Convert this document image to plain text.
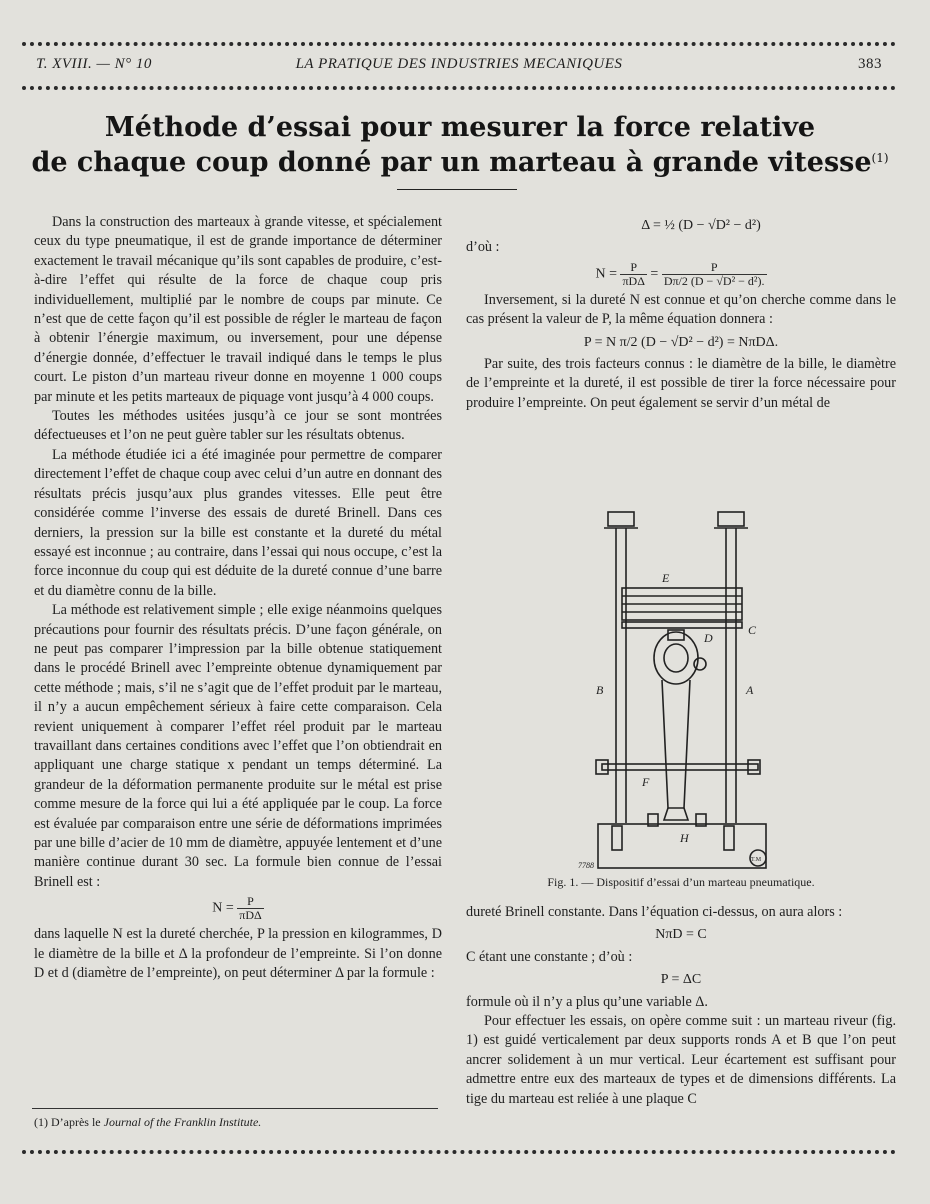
T. XVIII. — N° 10	LA PRATIQUE DES INDUSTRIES MECANIQUES	383
Méthode d’essai pour mesurer la force relative
de chaque coup donné par un marteau à grande vitesse$^{(1)}$

Dans la construction des marteaux à grande vitesse, et spécialement ceux du type pneumatique, il est de grande importance de déterminer exactement le travail mécanique qu’ils sont capables de produire, c’est-à-dire l’effet qui résulte de la force de chaque coup pris individuellement, multiplié par le nombre de coups par minute. Ce n’est que de cette façon qu’il est possible de régler le marteau de façon à obtenir l’énergie maximum, ou inversement, pour une dépense d’énergie donnée, d’effectuer le travail indiqué dans le temps le plus court. Le piston d’un marteau riveur donne en moyenne 1 000 coups par minute et les petits marteaux de piquage vont jusqu’à 4 000 coups.

Toutes les méthodes usitées jusqu’à ce jour se sont montrées défectueuses et l’on ne peut guère tabler sur les résultats obtenus.

La méthode étudiée ici a été imaginée pour permettre de comparer directement l’effet de chaque coup avec celui d’un autre en donnant des résultats précis jusqu’aux plus grandes vitesses. Elle peut être considérée comme l’inverse des essais de dureté Brinell. Dans ces derniers, la pression sur la bille est constante et la dureté du métal essayé est inconnue ; au contraire, dans l’essai qui nous occupe, c’est la force inconnue du coup qui est déduite de la dureté connue d’une barre et du diamètre connu de la bille.

La méthode est relativement simple ; elle exige néanmoins quelques précautions pour fournir des résultats précis. D’une façon générale, on ne peut pas comparer l’impression par la bille obtenue statiquement dans le procédé Brinell avec l’empreinte obtenue dynamiquement par cette méthode ; mais, s’il ne s’agit que de l’effet produit par le marteau, il n’y a aucun empêchement sérieux à faire cette comparaison. Cela revient uniquement à comparer l’effet réel produit par le marteau travaillant dans certaines conditions avec l’effet que l’on obtiendrait en appliquant une charge statique x pendant un temps déterminé. La grandeur de la déformation permanente produite sur le métal est prise comme mesure de la force qui lui a été appliquée par le coup. La force est évaluée par comparaison entre une série de déformations imprimées par une bille d’acier de 10 mm de diamètre, appuyée lentement et d’une manière continue durant 30 sec. La formule bien connue de l’essai Brinell est :

$N = \frac{P}{\text{πDΔ}}$

dans laquelle N est la dureté cherchée, P la pression en kilogrammes, D le diamètre de la bille et Δ la profondeur de l’empreinte. Si l’on donne D et d (diamètre de l’empreinte), on peut déterminer Δ par la formule :

(1) D’après le Journal of the Franklin Institute.
Δ = ½ (D − √D² − d²)

d’où :

$N = \frac{P}{\text{πDΔ}} = \frac{P}{\text{Dπ/2 (D − √D² − d²).}}$

Inversement, si la dureté N est connue et qu’on cherche comme dans le cas présent la valeur de P, la même équation donnera :

P = N π/2 (D − √D² − d²) = NπDΔ.

Par suite, des trois facteurs connus : le diamètre de la bille, le diamètre de l’empreinte et la dureté, il est possible de tirer la force nécessaire pour produire l’empreinte. On peut également se servir d’un métal de

E
C
D
B	A
F
H
7788
T.M
Fig. 1. — Dispositif d’essai d’un marteau pneumatique.

dureté Brinell constante. Dans l’équation ci-dessus, on aura alors :

NπD = C

C étant une constante ; d’où :

P = ΔC

formule où il n’y a plus qu’une variable Δ.

Pour effectuer les essais, on opère comme suit : un marteau riveur (fig. 1) est guidé verticalement par deux supports ronds A et B que l’on peut ancrer solidement à un mur vertical. Leur écartement est suffisant pour admettre entre eux des marteaux de types et de dimensions différents. La tige du marteau est reliée à une plaque C
